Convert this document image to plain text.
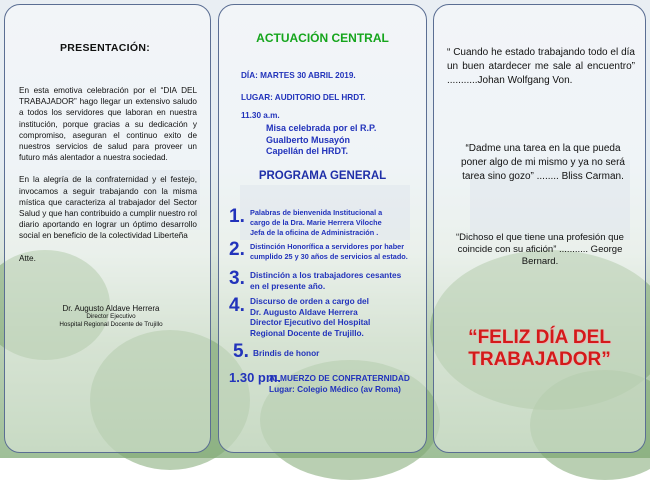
PRESENTACIÓN:

En esta emotiva celebración por el “DIA DEL TRABAJADOR” hago llegar un extensivo saludo a todos los servidores que laboran en nuestra institución, porque gracias a su dedicación y compromiso, aseguran el continuo exito de nuestros servicios de salud para proveer un futuro más alentador a nuestra sociedad.

En la alegría de la confraternidad y el festejo, invocamos a seguir trabajando con la misma mística que caracteriza al trabajador del Sector Salud y que han contribuido a cumplir nuestro rol diario aportando en lograr un óptimo desarrollo social en beneficio de la colectividad Liberteña

Atte.

Dr. Augusto Aldave Herrera
Director Ejecutivo
Hospital Regional Docente de Trujillo
ACTUACIÓN CENTRAL
DÍA: MARTES 30 ABRIL 2019.
LUGAR: AUDITORIO DEL HRDT.
11.30 a.m.
Misa celebrada por el R.P.
Gualberto Musayón
Capellán del HRDT.
PROGRAMA GENERAL
1. Palabras de bienvenida Institucional a
cargo de la Dra. Marie Herrera Viloche
Jefa de la oficina de Administración .
2. Distinción Honorífica a servidores por haber
cumplido 25 y 30 años de servicios al estado.
3. Distinción a los trabajadores cesantes
en el presente año.
4. Discurso de orden a cargo del
Dr. Augusto Aldave Herrera
Director Ejecutivo del Hospital
Regional Docente de Trujillo.
5. Brindis de honor
1.30 pm.
ALMUERZO DE CONFRATERNIDAD
Lugar: Colegio Médico (av Roma)
“ Cuando he estado trabajando todo el día un buen atardecer me sale al encuentro” ...........Johan Wolfgang Von.
“Dadme una tarea en la que pueda poner algo de mi mismo y ya no será tarea sino gozo” ........ Bliss Carman.
“Dichoso el que tiene una profesión que coincide con su afición” ........... George Bernard.
“FELIZ DÍA DEL
TRABAJADOR”
